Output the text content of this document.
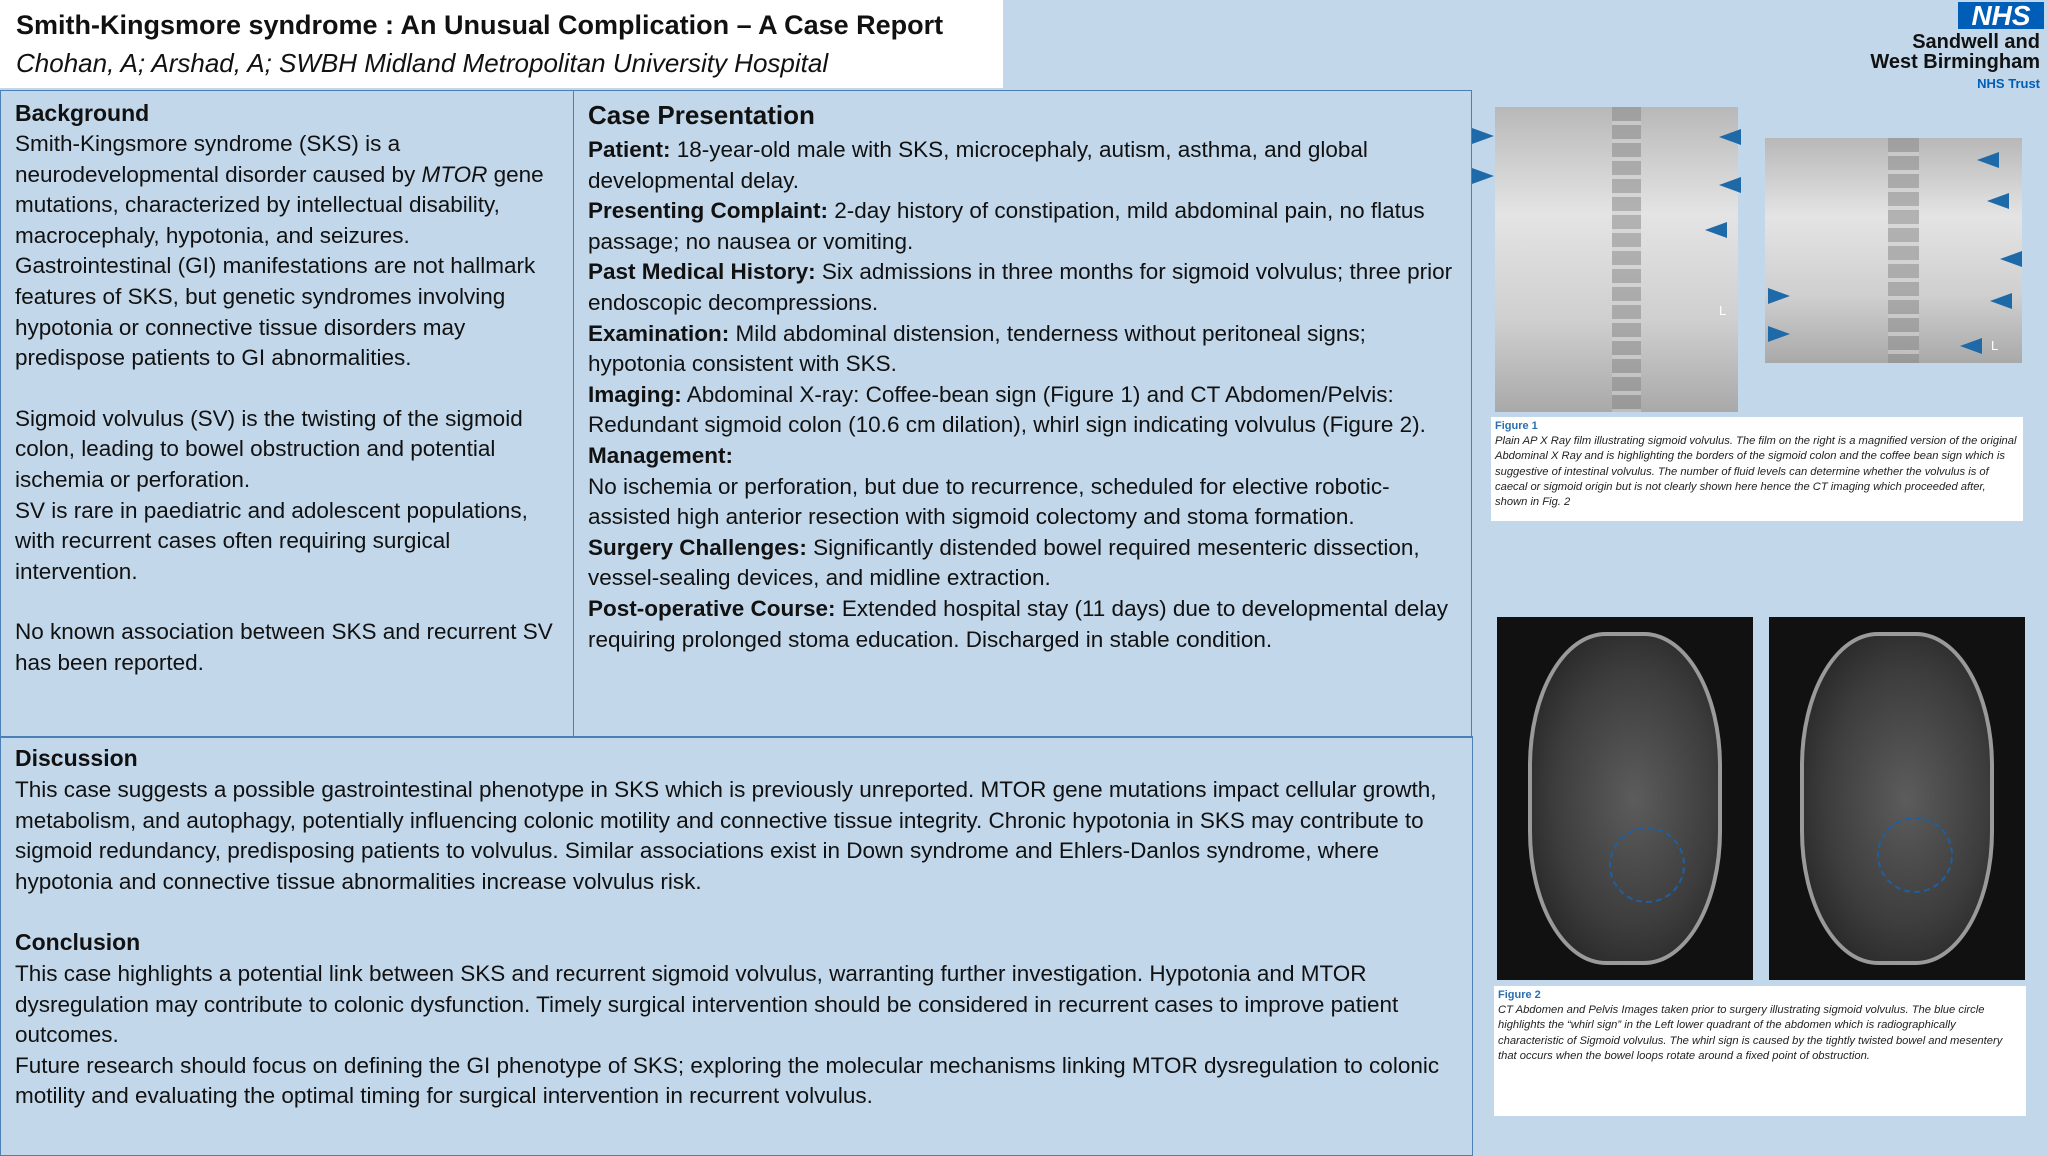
Smith-Kingsmore syndrome : An Unusual Complication – A Case Report
Chohan, A; Arshad, A; SWBH Midland Metropolitan University Hospital
NHS
Sandwell and
West Birmingham
NHS Trust
Background
Smith-Kingsmore syndrome (SKS) is a neurodevelopmental disorder caused by MTOR gene mutations, characterized by intellectual disability, macrocephaly, hypotonia, and seizures. Gastrointestinal (GI) manifestations are not hallmark features of SKS, but genetic syndromes involving hypotonia or connective tissue disorders may predispose patients to GI abnormalities.
Sigmoid volvulus (SV) is the twisting of the sigmoid colon, leading to bowel obstruction and potential ischemia or perforation.
SV is rare in paediatric and adolescent populations, with recurrent cases often requiring surgical intervention.
No known association between SKS and recurrent SV has been reported.
Case Presentation
Patient: 18-year-old male with SKS, microcephaly, autism, asthma, and global developmental delay.
Presenting Complaint: 2-day history of constipation, mild abdominal pain, no flatus passage; no nausea or vomiting.
Past Medical History: Six admissions in three months for sigmoid volvulus; three prior endoscopic decompressions.
Examination: Mild abdominal distension, tenderness without peritoneal signs; hypotonia consistent with SKS.
Imaging: Abdominal X-ray: Coffee-bean sign (Figure 1) and CT Abdomen/Pelvis: Redundant sigmoid colon (10.6 cm dilation), whirl sign indicating volvulus (Figure 2).
Management:
No ischemia or perforation, but due to recurrence, scheduled for elective robotic-assisted high anterior resection with sigmoid colectomy and stoma formation.
Surgery Challenges: Significantly distended bowel required mesenteric dissection, vessel-sealing devices, and midline extraction.
Post-operative Course: Extended hospital stay (11 days) due to developmental delay requiring prolonged stoma education. Discharged in stable condition.
Discussion
This case suggests a possible gastrointestinal phenotype in SKS which is previously unreported. MTOR gene mutations impact cellular growth, metabolism, and autophagy, potentially influencing colonic motility and connective tissue integrity. Chronic hypotonia in SKS may contribute to sigmoid redundancy, predisposing patients to volvulus. Similar associations exist in Down syndrome and Ehlers-Danlos syndrome, where hypotonia and connective tissue abnormalities increase volvulus risk.
Conclusion
This case highlights a potential link between SKS and recurrent sigmoid volvulus, warranting further investigation. Hypotonia and MTOR dysregulation may contribute to colonic dysfunction. Timely surgical intervention should be considered in recurrent cases to improve patient outcomes.
Future research should focus on defining the GI phenotype of SKS; exploring the molecular mechanisms linking MTOR dysregulation to colonic motility and evaluating the optimal timing for surgical intervention in recurrent volvulus.
L
L
Figure 1
Plain AP X Ray film illustrating sigmoid volvulus. The film on the right is a magnified version of the original Abdominal X Ray and is highlighting the borders of the sigmoid colon and the coffee bean sign which is suggestive of intestinal volvulus. The number of fluid levels can determine whether the volvulus is of caecal or sigmoid origin but is not clearly shown here hence the CT imaging which proceeded after, shown in Fig. 2
Figure 2
CT Abdomen and Pelvis Images taken prior to surgery illustrating sigmoid volvulus. The blue circle highlights the “whirl sign” in the Left lower quadrant of the abdomen which is radiographically characteristic of Sigmoid volvulus. The whirl sign is caused by the tightly twisted bowel and mesentery that occurs when the bowel loops rotate around a fixed point of obstruction.
